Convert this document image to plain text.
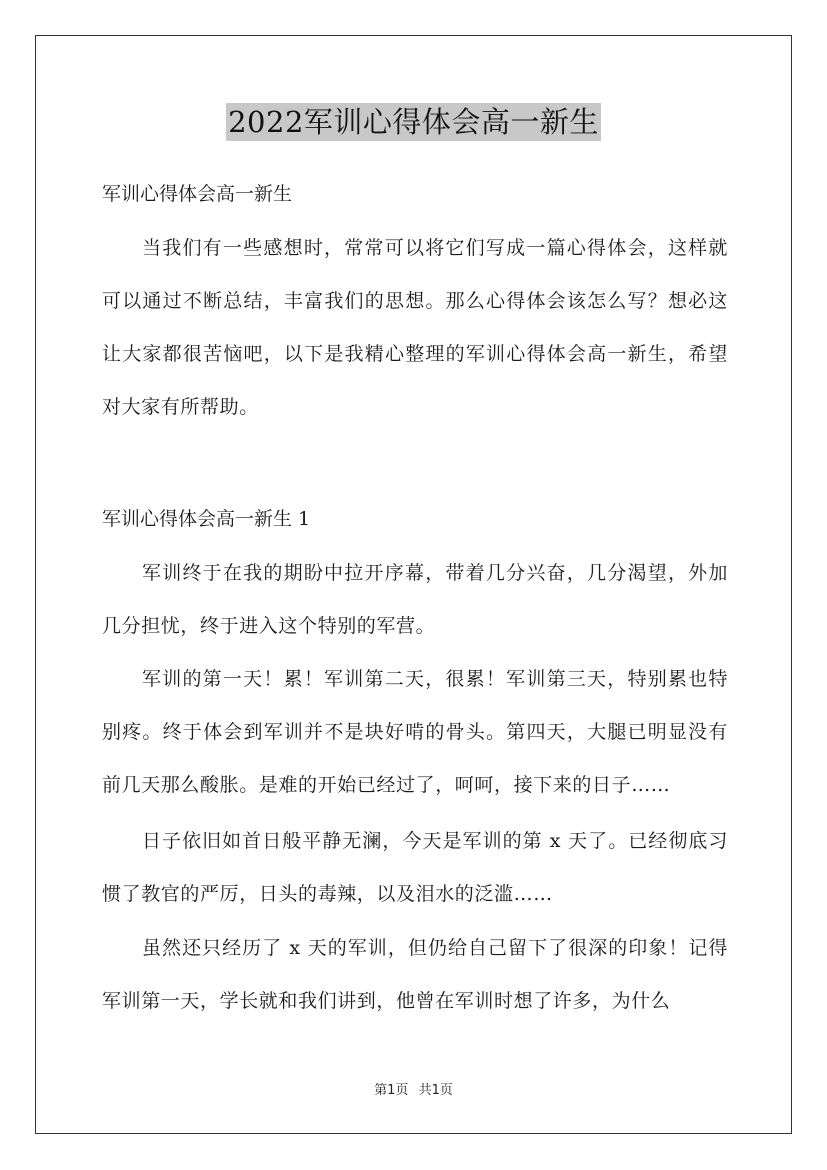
2022军训心得体会高一新生
军训心得体会高一新生
当我们有一些感想时，常常可以将它们写成一篇心得体会，这样就可以通过不断总结，丰富我们的思想。那么心得体会该怎么写？想必这让大家都很苦恼吧，以下是我精心整理的军训心得体会高一新生，希望对大家有所帮助。
军训心得体会高一新生 1
军训终于在我的期盼中拉开序幕，带着几分兴奋，几分渴望，外加几分担忧，终于进入这个特别的军营。
军训的第一天！累！军训第二天，很累！军训第三天，特别累也特别疼。终于体会到军训并不是块好啃的骨头。第四天，大腿已明显没有前几天那么酸胀。是难的开始已经过了，呵呵，接下来的日子……
日子依旧如首日般平静无澜，今天是军训的第 x 天了。已经彻底习惯了教官的严厉，日头的毒辣，以及泪水的泛滥……
虽然还只经历了 x 天的军训，但仍给自己留下了很深的印象！记得军训第一天，学长就和我们讲到，他曾在军训时想了许多，为什么
第1页 共1页
